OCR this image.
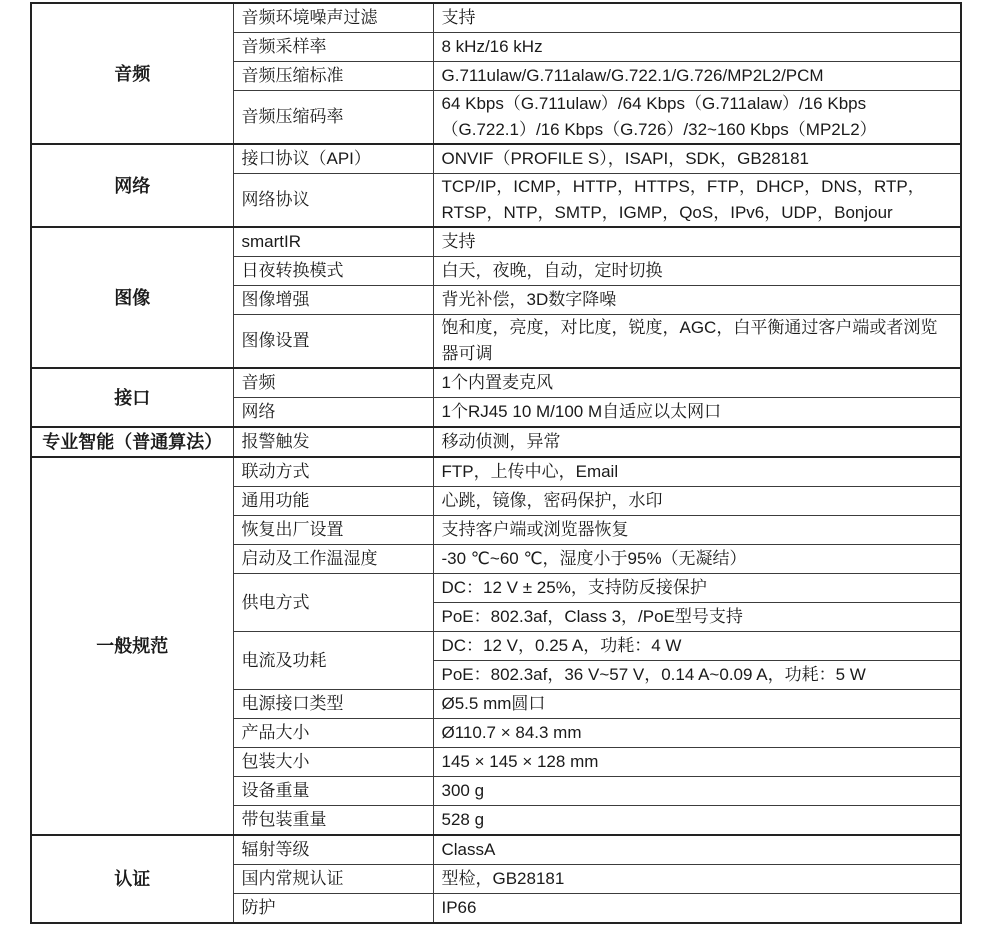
音频	音频环境噪声过滤	支持
	音频采样率	8 kHz/16 kHz
	音频压缩标准	G.711ulaw/G.711alaw/G.722.1/G.726/MP2L2/PCM
	音频压缩码率	64 Kbps（G.711ulaw）/64 Kbps（G.711alaw）/16 Kbps （G.722.1）/16 Kbps（G.726）/32~160 Kbps（MP2L2）
网络	接口协议（API）	ONVIF（PROFILE S），ISAPI，SDK，GB28181
	网络协议	TCP/IP，ICMP，HTTP，HTTPS，FTP，DHCP，DNS，RTP，RTSP，NTP，SMTP，IGMP，QoS，IPv6，UDP，Bonjour
图像	smartIR	支持
	日夜转换模式	白天，夜晚，自动，定时切换
	图像增强	背光补偿，3D数字降噪
	图像设置	饱和度，亮度，对比度，锐度，AGC，白平衡通过客户端或者浏览器可调
接口	音频	1个内置麦克风
	网络	1个RJ45 10 M/100 M自适应以太网口
专业智能（普通算法）	报警触发	移动侦测，异常
一般规范	联动方式	FTP，上传中心，Email
	通用功能	心跳，镜像，密码保护，水印
	恢复出厂设置	支持客户端或浏览器恢复
	启动及工作温湿度	-30 ℃~60 ℃，湿度小于95%（无凝结）
	供电方式	DC：12 V ± 25%，支持防反接保护
		PoE：802.3af，Class 3，/PoE型号支持
	电流及功耗	DC：12 V，0.25 A，功耗：4 W
		PoE：802.3af，36 V~57 V，0.14 A~0.09 A，功耗：5 W
	电源接口类型	Ø5.5 mm圆口
	产品大小	Ø110.7 × 84.3 mm
	包装大小	145 × 145 × 128 mm
	设备重量	300 g
	带包装重量	528 g
认证	辐射等级	ClassA
	国内常规认证	型检，GB28181
	防护	IP66
